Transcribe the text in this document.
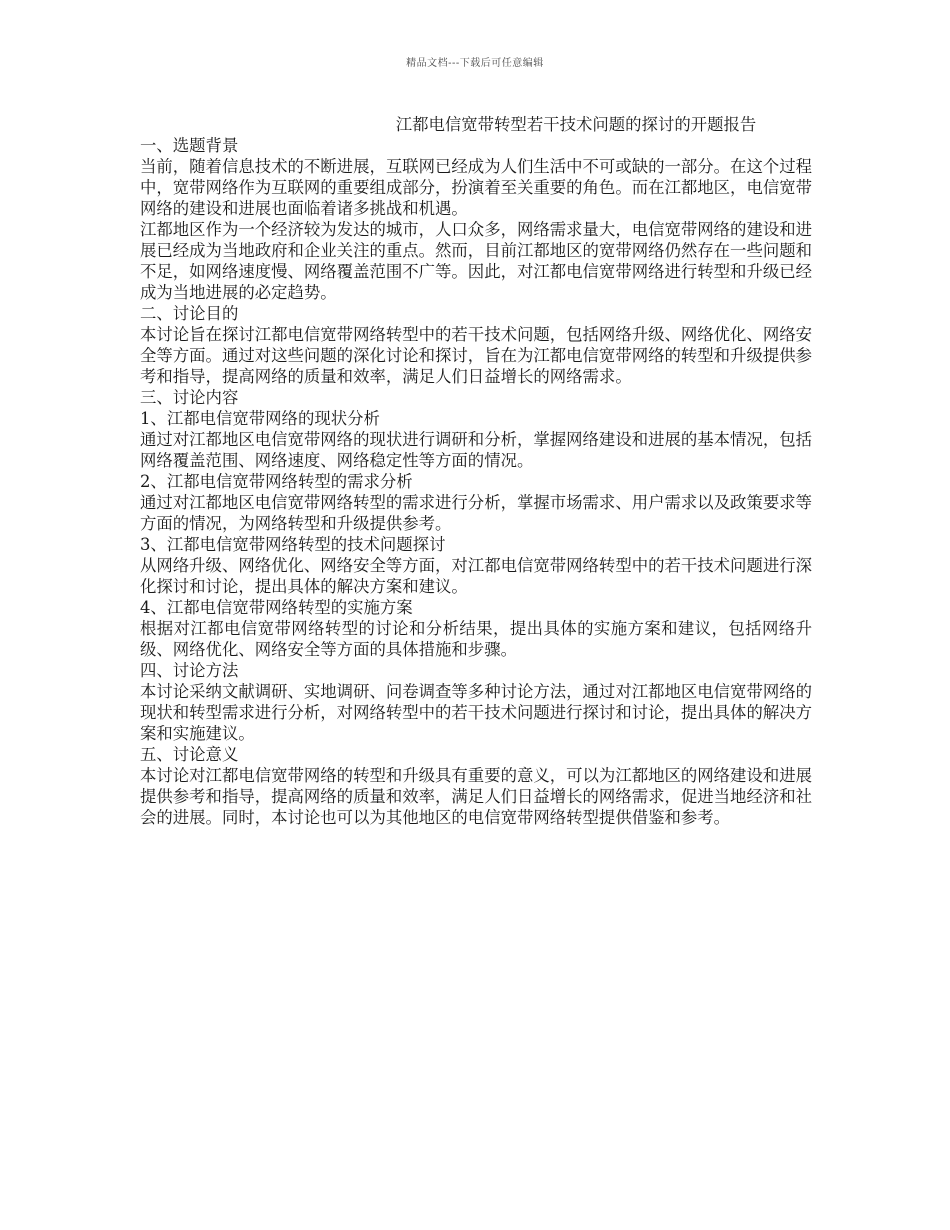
精品文档---下载后可任意编辑
江都电信宽带转型若干技术问题的探讨的开题报告

一、选题背景

当前，随着信息技术的不断进展，互联网已经成为人们生活中不可或缺的一部分。在这个过程中，宽带网络作为互联网的重要组成部分，扮演着至关重要的角色。而在江都地区，电信宽带网络的建设和进展也面临着诸多挑战和机遇。

江都地区作为一个经济较为发达的城市，人口众多，网络需求量大，电信宽带网络的建设和进展已经成为当地政府和企业关注的重点。然而，目前江都地区的宽带网络仍然存在一些问题和不足，如网络速度慢、网络覆盖范围不广等。因此，对江都电信宽带网络进行转型和升级已经成为当地进展的必定趋势。

二、讨论目的

本讨论旨在探讨江都电信宽带网络转型中的若干技术问题，包括网络升级、网络优化、网络安全等方面。通过对这些问题的深化讨论和探讨，旨在为江都电信宽带网络的转型和升级提供参考和指导，提高网络的质量和效率，满足人们日益增长的网络需求。

三、讨论内容

1、江都电信宽带网络的现状分析

通过对江都地区电信宽带网络的现状进行调研和分析，掌握网络建设和进展的基本情况，包括网络覆盖范围、网络速度、网络稳定性等方面的情况。

2、江都电信宽带网络转型的需求分析

通过对江都地区电信宽带网络转型的需求进行分析，掌握市场需求、用户需求以及政策要求等方面的情况，为网络转型和升级提供参考。

3、江都电信宽带网络转型的技术问题探讨

从网络升级、网络优化、网络安全等方面，对江都电信宽带网络转型中的若干技术问题进行深化探讨和讨论，提出具体的解决方案和建议。

4、江都电信宽带网络转型的实施方案

根据对江都电信宽带网络转型的讨论和分析结果，提出具体的实施方案和建议，包括网络升级、网络优化、网络安全等方面的具体措施和步骤。

四、讨论方法

本讨论采纳文献调研、实地调研、问卷调查等多种讨论方法，通过对江都地区电信宽带网络的现状和转型需求进行分析，对网络转型中的若干技术问题进行探讨和讨论，提出具体的解决方案和实施建议。

五、讨论意义

本讨论对江都电信宽带网络的转型和升级具有重要的意义，可以为江都地区的网络建设和进展提供参考和指导，提高网络的质量和效率，满足人们日益增长的网络需求，促进当地经济和社会的进展。同时，本讨论也可以为其他地区的电信宽带网络转型提供借鉴和参考。
